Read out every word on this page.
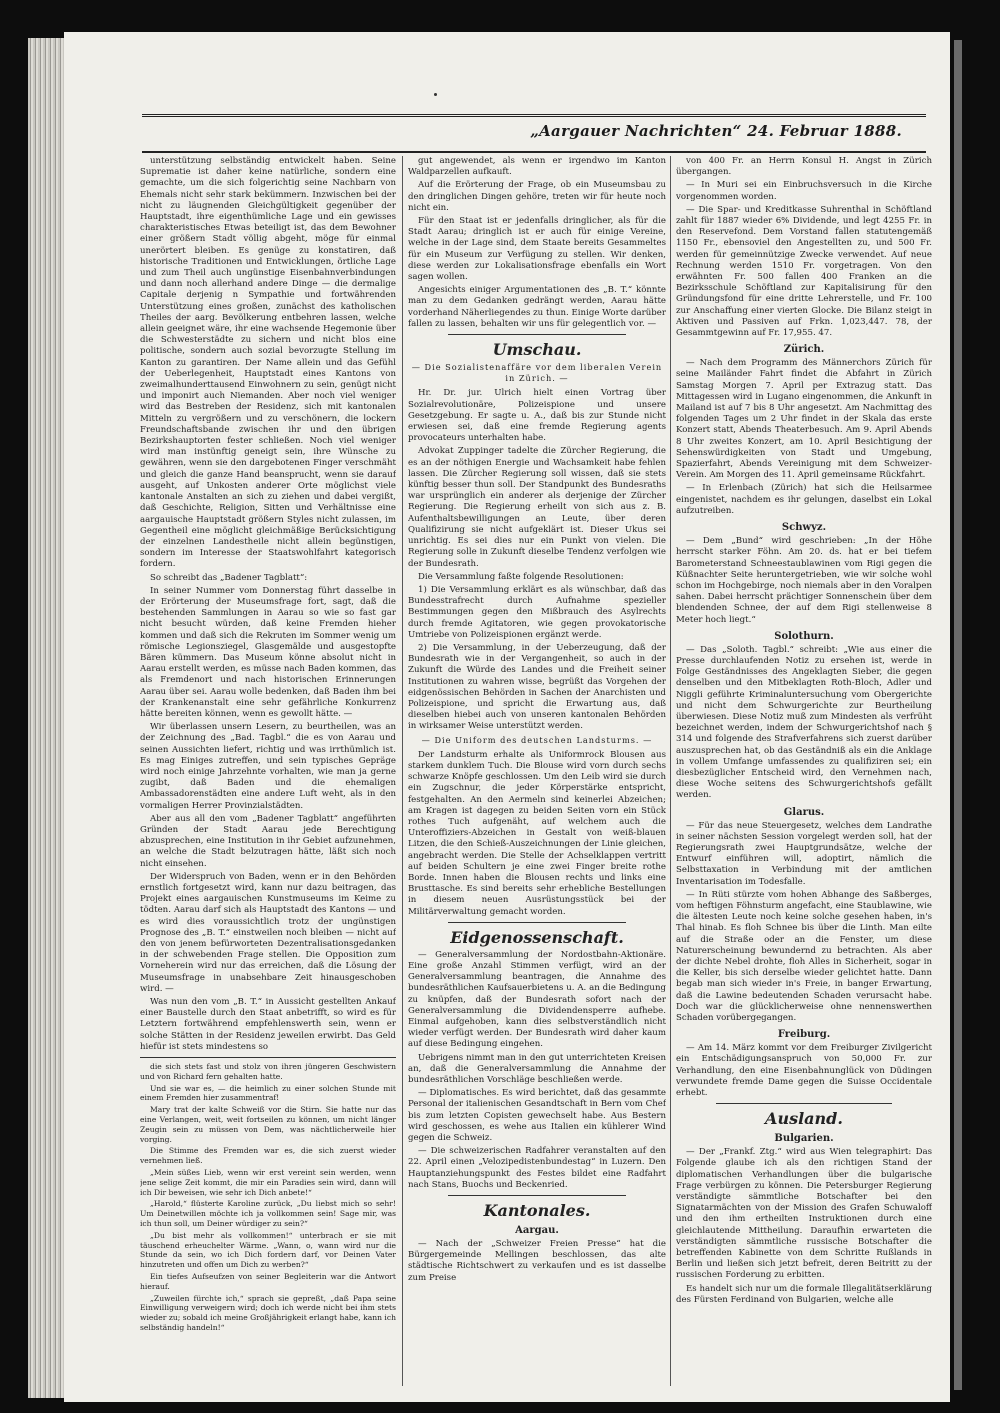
„Aargauer Nachrichten“ 24. Februar 1888.

unterstützung selbständig entwickelt haben. Seine Suprematie ist daher keine natürliche, sondern eine gemachte, um die sich folgerichtig seine Nachbarn von Ehemals nicht sehr stark bekümmern. Inzwischen bei der nicht zu läugnenden Gleichgültigkeit gegenüber der Hauptstadt, ihre eigenthümliche Lage und ein gewisses charakteristisches Etwas beteiligt ist, das dem Bewohner einer größern Stadt völlig abgeht, möge für einmal unerörtert bleiben. Es genüge zu konstatiren, daß historische Traditionen und Entwicklungen, örtliche Lage und zum Theil auch ungünstige Eisenbahnverbindungen und dann noch allerhand andere Dinge — die dermalige Capitale derjenig n Sympathie und fortwährenden Unterstützung eines großen, zunächst des katholischen Theiles der aarg. Bevölkerung entbehren lassen, welche allein geeignet wäre, ihr eine wachsende Hegemonie über die Schwesterstädte zu sichern und nicht blos eine politische, sondern auch sozial bevorzugte Stellung im Kanton zu garantiren. Der Name allein und das Gefühl der Ueberlegenheit, Hauptstadt eines Kantons von zweimalhunderttausend Einwohnern zu sein, genügt nicht und imponirt auch Niemanden. Aber noch viel weniger wird das Bestreben der Residenz, sich mit kantonalen Mitteln zu vergrößern und zu verschönern, die lockern Freundschaftsbande zwischen ihr und den übrigen Bezirkshauptorten fester schließen. Noch viel weniger wird man instünftig geneigt sein, ihre Wünsche zu gewähren, wenn sie den dargebotenen Finger verschmäht und gleich die ganze Hand beansprucht, wenn sie darauf ausgeht, auf Unkosten anderer Orte möglichst viele kantonale Anstalten an sich zu ziehen und dabei vergißt, daß Geschichte, Religion, Sitten und Verhältnisse eine aargauische Hauptstadt größern Styles nicht zulassen, im Gegentheil eine möglicht gleichmäßige Berücksichtigung der einzelnen Landestheile nicht allein begünstigen, sondern im Interesse der Staatswohlfahrt kategorisch fordern.

So schreibt das „Badener Tagblatt“:

In seiner Nummer vom Donnerstag führt dasselbe in der Erörterung der Museumsfrage fort, sagt, daß die bestehenden Sammlungen in Aarau so wie so fast gar nicht besucht würden, daß keine Fremden hieher kommen und daß sich die Rekruten im Sommer wenig um römische Legionsziegel, Glasgemälde und ausgestopfte Bären kümmern. Das Museum könne absolut nicht in Aarau erstellt werden, es müsse nach Baden kommen, das als Fremdenort und nach historischen Erinnerungen Aarau über sei. Aarau wolle bedenken, daß Baden ihm bei der Krankenanstalt eine sehr gefährliche Konkurrenz hätte bereiten können, wenn es gewollt hätte. —

Wir überlassen unsern Lesern, zu beurtheilen, was an der Zeichnung des „Bad. Tagbl.“ die es von Aarau und seinen Aussichten liefert, richtig und was irrthümlich ist. Es mag Einiges zutreffen, und sein typisches Gepräge wird noch einige Jahrzehnte vorhalten, wie man ja gerne zugibt, daß Baden und die ehemaligen Ambassadorenstädten eine andere Luft weht, als in den vormaligen Herrer Provinzialstädten.

Aber aus all den vom „Badener Tagblatt“ angeführten Gründen der Stadt Aarau jede Berechtigung abzusprechen, eine Institution in ihr Gebiet aufzunehmen, an welche die Stadt belzutragen hätte, läßt sich noch nicht einsehen.

Der Widerspruch von Baden, wenn er in den Behörden ernstlich fortgesetzt wird, kann nur dazu beitragen, das Projekt eines aargauischen Kunstmuseums im Keime zu tödten. Aarau darf sich als Hauptstadt des Kantons — und es wird dies voraussichtlich trotz der ungünstigen Prognose des „B. T.“ einstweilen noch bleiben — nicht auf den von jenem befürworteten Dezentralisationsgedanken in der schwebenden Frage stellen. Die Opposition zum Vorneherein wird nur das erreichen, daß die Lösung der Museumsfrage in unabsehbare Zeit hinausgeschoben wird. —

Was nun den vom „B. T.“ in Aussicht gestellten Ankauf einer Baustelle durch den Staat anbetrifft, so wird es für Letztern fortwährend empfehlenswerth sein, wenn er solche Stätten in der Residenz jeweilen erwirbt. Das Geld hiefür ist stets mindestens so

die sich stets fast und stolz von ihren jüngeren Geschwistern und von Richard fern gehalten hatte.

Und sie war es, — die heimlich zu einer solchen Stunde mit einem Fremden hier zusammentraf!

Mary trat der kalte Schweiß vor die Stirn. Sie hatte nur das eine Verlangen, weit, weit fortseilen zu können, um nicht länger Zeugin sein zu müssen von Dem, was nächtlicherweile hier vorging.

Die Stimme des Fremden war es, die sich zuerst wieder vernehmen ließ.

„Mein süßes Lieb, wenn wir erst vereint sein werden, wenn jene selige Zeit kommt, die mir ein Paradies sein wird, dann will ich Dir beweisen, wie sehr ich Dich anbete!“

„Harold,“ flüsterte Karoline zurück, „Du liebst mich so sehr! Um Deinetwillen möchte ich ja vollkommen sein! Sage mir, was ich thun soll, um Deiner würdiger zu sein?“

„Du bist mehr als vollkommen!“ unterbrach er sie mit täuschend erheuchelter Wärme. „Wann, o, wann wird nur die Stunde da sein, wo ich Dich fordern darf, vor Deinen Vater hinzutreten und offen um Dich zu werben?“

Ein tiefes Aufseufzen von seiner Begleiterin war die Antwort hierauf.

„Zuweilen fürchte ich,“ sprach sie gepreßt, „daß Papa seine Einwilligung verweigern wird; doch ich werde nicht bei ihm stets wieder zu; sobald ich meine Großjährigkeit erlangt habe, kann ich selbständig handeln!“

gut angewendet, als wenn er irgendwo im Kanton Waldparzellen aufkauft.

Auf die Erörterung der Frage, ob ein Museumsbau zu den dringlichen Dingen gehöre, treten wir für heute noch nicht ein.

Für den Staat ist er jedenfalls dringlicher, als für die Stadt Aarau; dringlich ist er auch für einige Vereine, welche in der Lage sind, dem Staate bereits Gesammeltes für ein Museum zur Verfügung zu stellen. Wir denken, diese werden zur Lokalisationsfrage ebenfalls ein Wort sagen wollen.

Angesichts einiger Argumentationen des „B. T.“ könnte man zu dem Gedanken gedrängt werden, Aarau hätte vorderhand Näherliegendes zu thun. Einige Worte darüber fallen zu lassen, behalten wir uns für gelegentlich vor. —

Umschau.
— Die Sozialistenaffäre vor dem liberalen Verein in Zürich. —

Hr. Dr. jur. Ulrich hielt einen Vortrag über Sozialrevolutionäre, Polizeispione und unsere Gesetzgebung. Er sagte u. A., daß bis zur Stunde nicht erwiesen sei, daß eine fremde Regierung agents provocateurs unterhalten habe.

Advokat Zuppinger tadelte die Zürcher Regierung, die es an der nöthigen Energie und Wachsamkeit habe fehlen lassen. Die Zürcher Regierung soll wissen, daß sie stets künftig besser thun soll. Der Standpunkt des Bundesraths war ursprünglich ein anderer als derjenige der Zürcher Regierung. Die Regierung erheilt von sich aus z. B. Aufenthaltsbewilligungen an Leute, über deren Qualifizirung sie nicht aufgeklärt ist. Dieser Ukus sei unrichtig. Es sei dies nur ein Punkt von vielen. Die Regierung solle in Zukunft dieselbe Tendenz verfolgen wie der Bundesrath.

Die Versammlung faßte folgende Resolutionen:

1) Die Versammlung erklärt es als wünschbar, daß das Bundesstrafrecht durch Aufnahme spezieller Bestimmungen gegen den Mißbrauch des Asylrechts durch fremde Agitatoren, wie gegen provokatorische Umtriebe von Polizeispionen ergänzt werde.

2) Die Versammlung, in der Ueberzeugung, daß der Bundesrath wie in der Vergangenheit, so auch in der Zukunft die Würde des Landes und die Freiheit seiner Institutionen zu wahren wisse, begrüßt das Vorgehen der eidgenössischen Behörden in Sachen der Anarchisten und Polizeispione, und spricht die Erwartung aus, daß dieselben hiebei auch von unseren kantonalen Behörden in wirksamer Weise unterstützt werden.

— Die Uniform des deutschen Landsturms. —

Der Landsturm erhalte als Uniformrock Blousen aus starkem dunklem Tuch. Die Blouse wird vorn durch sechs schwarze Knöpfe geschlossen. Um den Leib wird sie durch ein Zugschnur, die jeder Körperstärke entspricht, festgehalten. An den Aermeln sind keinerlei Abzeichen; am Kragen ist dagegen zu beiden Seiten vorn ein Stück rothes Tuch aufgenäht, auf welchem auch die Unteroffiziers-Abzeichen in Gestalt von weiß-blauen Litzen, die den Schieß-Auszeichnungen der Linie gleichen, angebracht werden. Die Stelle der Achselklappen vertritt auf beiden Schultern je eine zwei Finger breite rothe Borde. Innen haben die Blousen rechts und links eine Brusttasche. Es sind bereits sehr erhebliche Bestellungen in diesem neuen Ausrüstungsstück bei der Militärverwaltung gemacht worden.

Eidgenossenschaft.

— Generalversammlung der Nordostbahn-Aktionäre. Eine große Anzahl Stimmen verfügt, wird an der Generalversammlung beantragen, die Annahme des bundesräthlichen Kaufsauerbietens u. A. an die Bedingung zu knüpfen, daß der Bundesrath sofort nach der Generalversammlung die Dividendensperre aufhebe. Einmal aufgehoben, kann dies selbstverständlich nicht wieder verfügt werden. Der Bundesrath wird daher kaum auf diese Bedingung eingehen.

Uebrigens nimmt man in den gut unterrichteten Kreisen an, daß die Generalversammlung die Annahme der bundesräthlichen Vorschläge beschließen werde.

— Diplomatisches. Es wird berichtet, daß das gesammte Personal der italienischen Gesandtschaft in Bern vom Chef bis zum letzten Copisten gewechselt habe. Aus Bestern wird geschossen, es wehe aus Italien ein kühlerer Wind gegen die Schweiz.

— Die schweizerischen Radfahrer veranstalten auf den 22. April einen „Velozipedistenbundestag“ in Luzern. Den Hauptanziehungspunkt des Festes bildet eine Radfahrt nach Stans, Buochs und Beckenried.

Kantonales.
Aargau.

— Nach der „Schweizer Freien Presse“ hat die Bürgergemeinde Mellingen beschlossen, das alte städtische Richtschwert zu verkaufen und es ist dasselbe zum Preise

von 400 Fr. an Herrn Konsul H. Angst in Zürich übergangen.

— In Muri sei ein Einbruchsversuch in die Kirche vorgenommen worden.

— Die Spar- und Kreditkasse Suhrenthal in Schöftland zahlt für 1887 wieder 6% Dividende, und legt 4255 Fr. in den Reservefond. Dem Vorstand fallen statutengemäß 1150 Fr., ebensoviel den Angestellten zu, und 500 Fr. werden für gemeinnützige Zwecke verwendet. Auf neue Rechnung werden 1510 Fr. vorgetragen. Von den erwähnten Fr. 500 fallen 400 Franken an die Bezirksschule Schöftland zur Kapitalisirung für den Gründungsfond für eine dritte Lehrerstelle, und Fr. 100 zur Anschaffung einer vierten Glocke. Die Bilanz steigt in Aktiven und Passiven auf Frkn. 1,023,447. 78, der Gesammtgewinn auf Fr. 17,955. 47.

Zürich.

— Nach dem Programm des Männerchors Zürich für seine Mailänder Fahrt findet die Abfahrt in Zürich Samstag Morgen 7. April per Extrazug statt. Das Mittagessen wird in Lugano eingenommen, die Ankunft in Mailand ist auf 7 bis 8 Uhr angesetzt. Am Nachmittag des folgenden Tages um 2 Uhr findet in der Skala das erste Konzert statt, Abends Theaterbesuch. Am 9. April Abends 8 Uhr zweites Konzert, am 10. April Besichtigung der Sehenswürdigkeiten von Stadt und Umgebung, Spazierfahrt, Abends Vereinigung mit dem Schweizer-Verein. Am Morgen des 11. April gemeinsame Rückfahrt.

— In Erlenbach (Zürich) hat sich die Heilsarmee eingenistet, nachdem es ihr gelungen, daselbst ein Lokal aufzutreiben.

Schwyz.

— Dem „Bund“ wird geschrieben: „In der Höhe herrscht starker Föhn. Am 20. ds. hat er bei tiefem Barometerstand Schneestaublawinen vom Rigi gegen die Küßnachter Seite heruntergetrieben, wie wir solche wohl schon im Hochgebirge, noch niemals aber in den Voralpen sahen. Dabei herrscht prächtiger Sonnenschein über dem blendenden Schnee, der auf dem Rigi stellenweise 8 Meter hoch liegt.“

Solothurn.

— Das „Soloth. Tagbl.“ schreibt: „Wie aus einer die Presse durchlaufenden Notiz zu ersehen ist, werde in Folge Geständnisses des Angeklagten Sieber, die gegen denselben und den Mitbeklagten Roth-Bloch, Adler und Niggli geführte Kriminaluntersuchung vom Obergerichte und nicht dem Schwurgerichte zur Beurtheilung überwiesen. Diese Notiz muß zum Mindesten als verfrüht bezeichnet werden, indem der Schwurgerichtshof nach § 314 und folgende des Strafverfahrens sich zuerst darüber auszusprechen hat, ob das Geständniß als ein die Anklage in vollem Umfange umfassendes zu qualifiziren sei; ein diesbezüglicher Entscheid wird, den Vernehmen nach, diese Woche seitens des Schwurgerichtshofs gefällt werden.

Glarus.

— Für das neue Steuergesetz, welches dem Landrathe in seiner nächsten Session vorgelegt werden soll, hat der Regierungsrath zwei Hauptgrundsätze, welche der Entwurf einführen will, adoptirt, nämlich die Selbsttaxation in Verbindung mit der amtlichen Inventarisation im Todesfalle.

— In Rüti stürzte vom hohen Abhange des Saßberges, vom heftigen Föhnsturm angefacht, eine Staublawine, wie die ältesten Leute noch keine solche gesehen haben, in's Thal hinab. Es floh Schnee bis über die Linth. Man eilte auf die Straße oder an die Fenster, um diese Naturerscheinung bewundernd zu betrachten. Als aber der dichte Nebel drohte, floh Alles in Sicherheit, sogar in die Keller, bis sich derselbe wieder gelichtet hatte. Dann begab man sich wieder in's Freie, in banger Erwartung, daß die Lawine bedeutenden Schaden verursacht habe. Doch war die glücklicherweise ohne nennenswerthen Schaden vorübergegangen.

Freiburg.

— Am 14. März kommt vor dem Freiburger Zivilgericht ein Entschädigungsanspruch von 50,000 Fr. zur Verhandlung, den eine Eisenbahnunglück von Düdingen verwundete fremde Dame gegen die Suisse Occidentale erhebt.

Ausland.
Bulgarien.

— Der „Frankf. Ztg.“ wird aus Wien telegraphirt: Das Folgende glaube ich als den richtigen Stand der diplomatischen Verhandlungen über die bulgarische Frage verbürgen zu können. Die Petersburger Regierung verständigte sämmtliche Botschafter bei den Signatarmächten von der Mission des Grafen Schuwaloff und den ihm ertheilten Instruktionen durch eine gleichlautende Mittheilung. Daraufhin erwarteten die verständigten sämmtliche russische Botschafter die betreffenden Kabinette von dem Schritte Rußlands in Berlin und ließen sich jetzt befreit, deren Beitritt zu der russischen Forderung zu erbitten.

Es handelt sich nur um die formale Illegalitätserklärung des Fürsten Ferdinand von Bulgarien, welche alle
